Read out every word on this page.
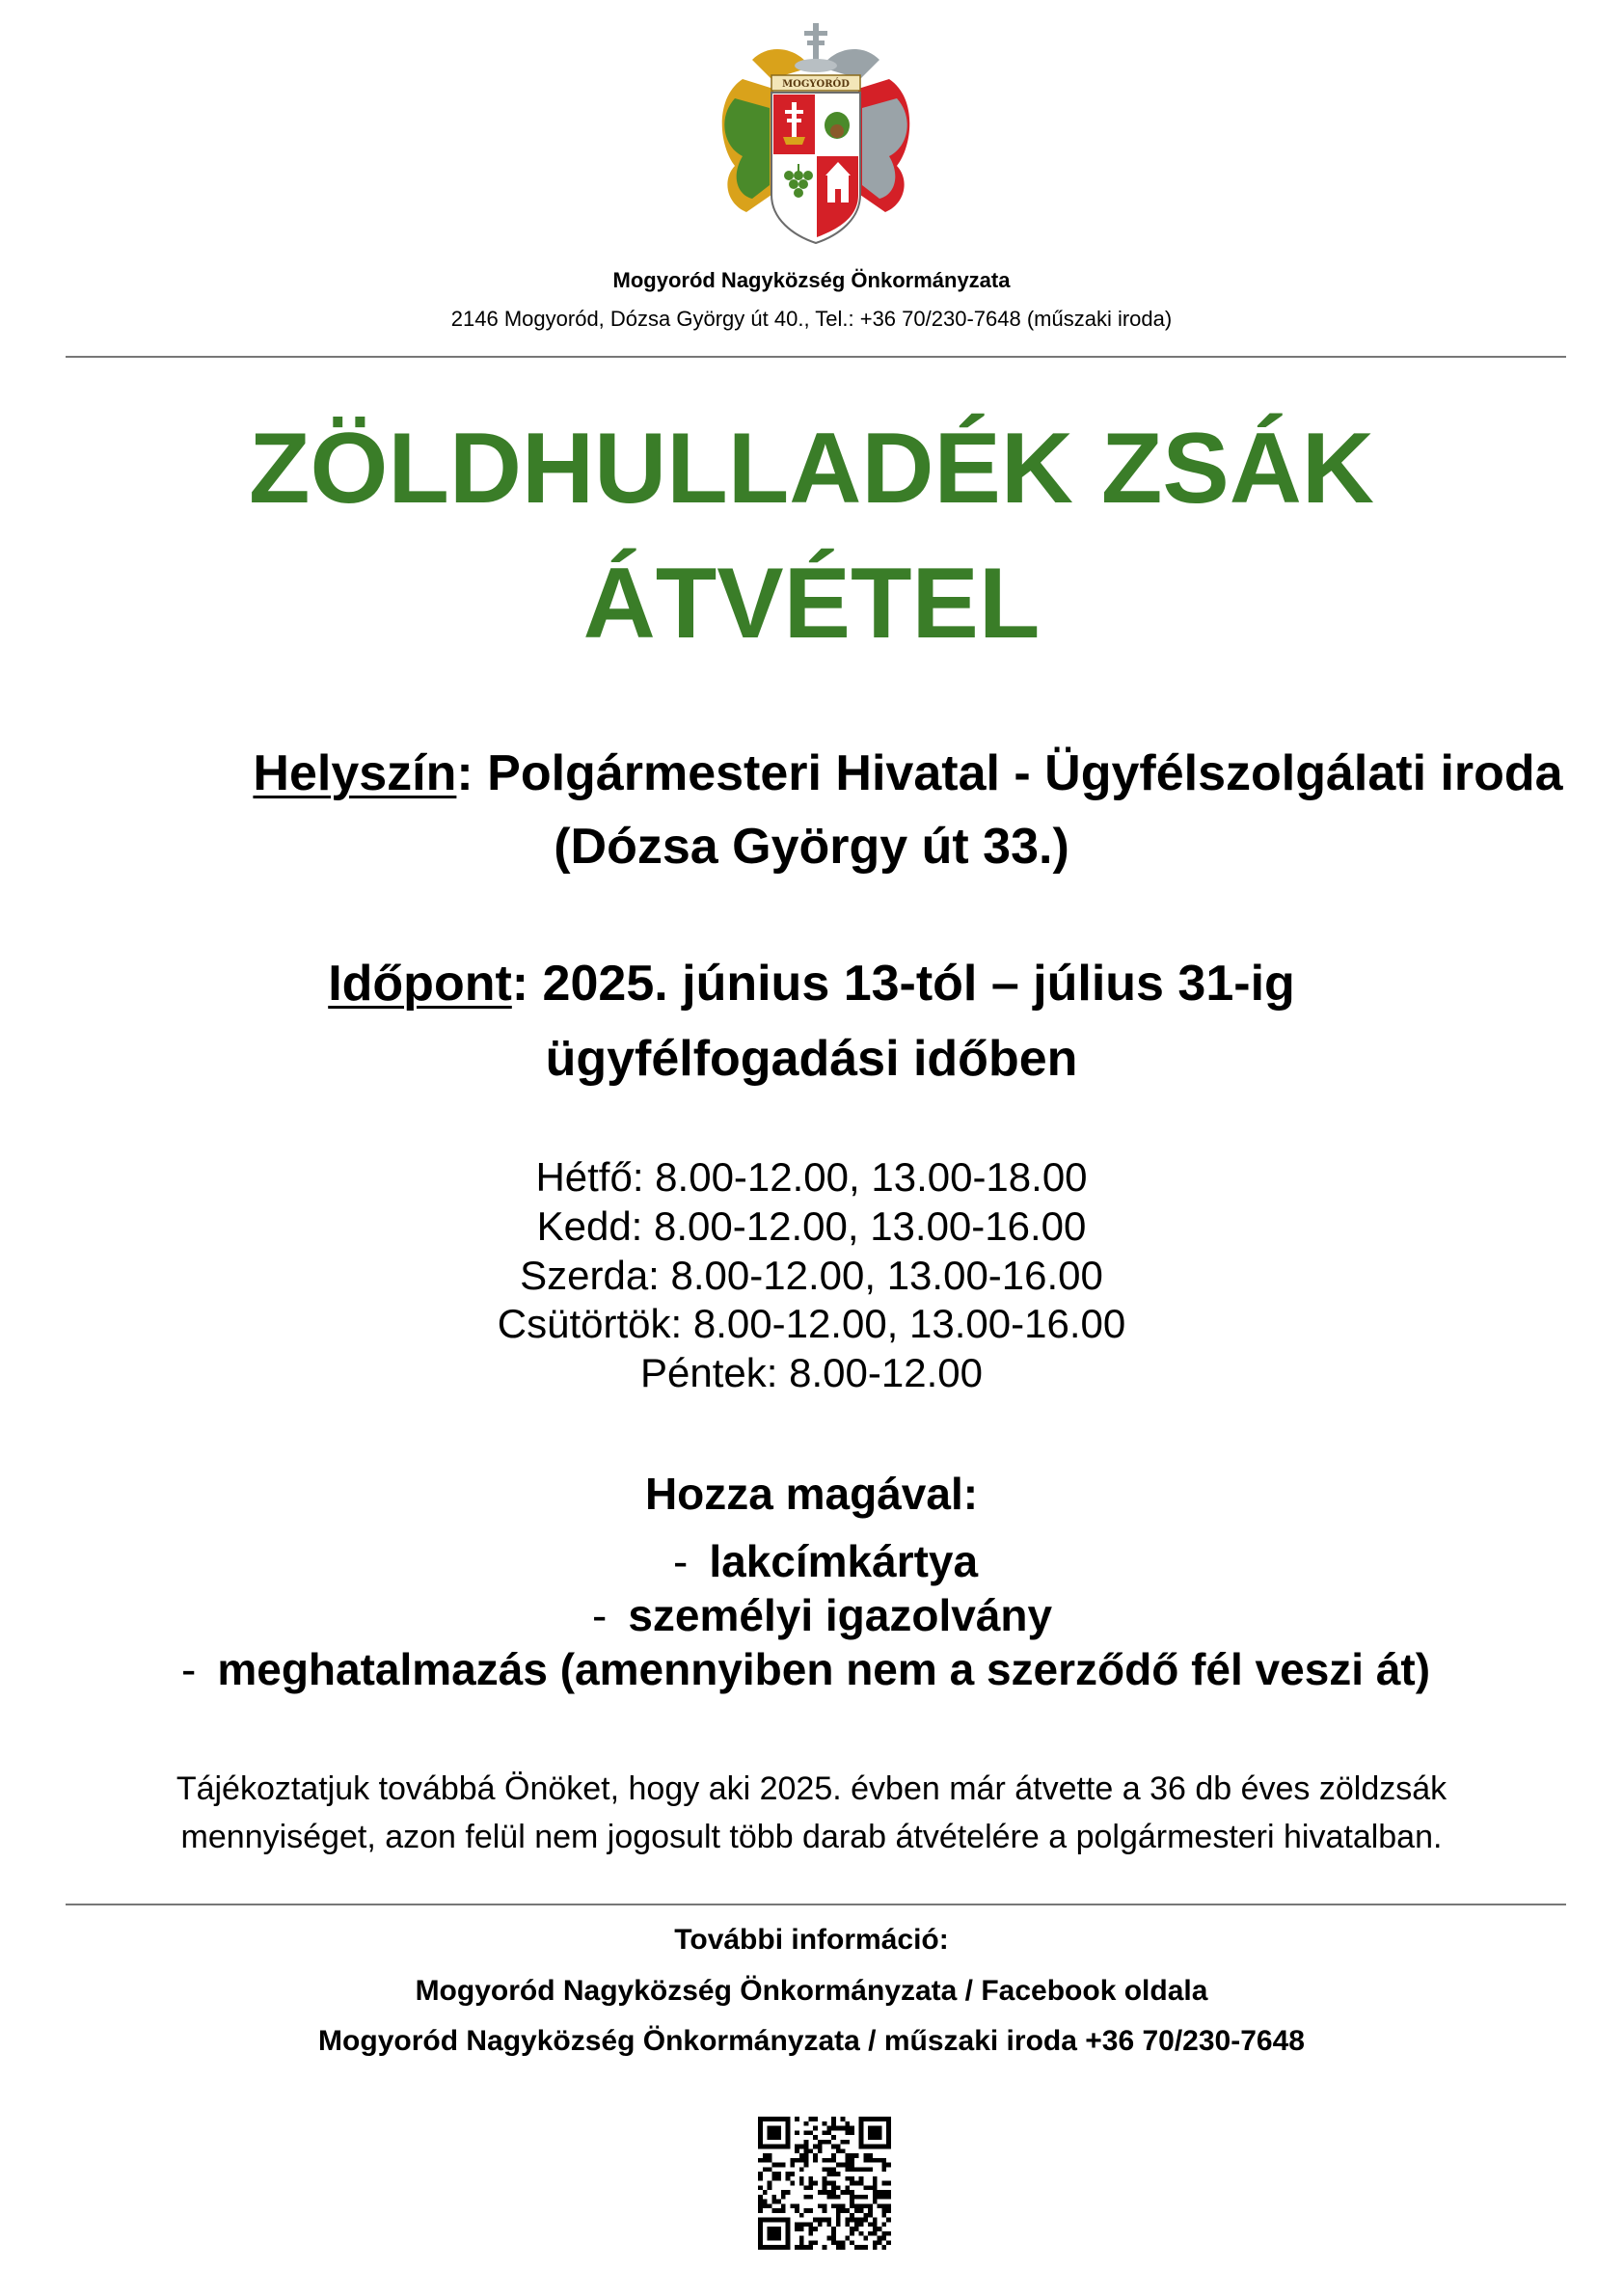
MOGYORÓD
Mogyoród Nagyközség Önkormányzata
2146 Mogyoród, Dózsa György út 40., Tel.: +36 70/230-7648 (műszaki iroda)
ZÖLDHULLADÉK ZSÁK
ÁTVÉTEL
Helyszín: Polgármesteri Hivatal - Ügyfélszolgálati iroda
(Dózsa György út 33.)
Időpont: 2025. június 13-tól – július 31-ig
ügyfélfogadási időben
Hétfő: 8.00-12.00, 13.00-18.00
Kedd: 8.00-12.00, 13.00-16.00
Szerda: 8.00-12.00, 13.00-16.00
Csütörtök: 8.00-12.00, 13.00-16.00
Péntek: 8.00-12.00
Hozza magával:
- lakcímkártya
- személyi igazolvány
- meghatalmazás (amennyiben nem a szerződő fél veszi át)
Tájékoztatjuk továbbá Önöket, hogy aki 2025. évben már átvette a 36 db éves zöldzsák
mennyiséget, azon felül nem jogosult több darab átvételére a polgármesteri hivatalban.
További információ:
Mogyoród Nagyközség Önkormányzata / Facebook oldala
Mogyoród Nagyközség Önkormányzata / műszaki iroda +36 70/230-7648
